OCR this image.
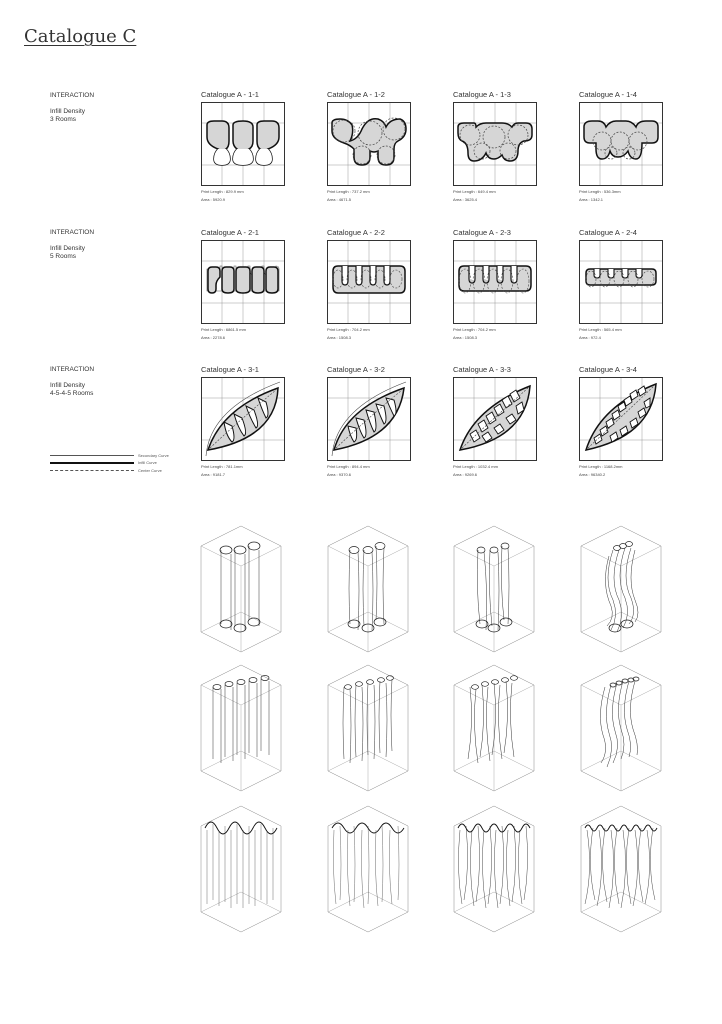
Catalogue C
INTERACTION
Infill Density
3 Rooms
INTERACTION
Infill Density
5 Rooms
INTERACTION
Infill Density
4-5-4-5 Rooms
Catalogue A - 1-1
Print Length : 829.9 mm
Area : 5920.9
Catalogue A - 1-2
Print Length : 737.2 mm
Area : 4671.5
Catalogue A - 1-3
Print Length : 649.4 mm
Area : 3625.4
Catalogue A - 1-4
Print Length : 536.3mm
Area : 1342.1
Catalogue A - 2-1
Print Length : 6861.5 mm
Area : 2278.6
Catalogue A - 2-2
Print Length : 704.2 mm
Area : 1508.3
Catalogue A - 2-3
Print Length : 704.2 mm
Area : 1508.3
Catalogue A - 2-4
Print Length : 565.4 mm
Area : 972.4
Catalogue A - 3-1
Print Length : 781.1mm
Area : 9181.7
Catalogue A - 3-2
Print Length : 894.4 mm
Area : 9370.6
Catalogue A - 3-3
Print Length : 1032.4 mm
Area : 9269.6
Catalogue A - 3-4
Print Length : 1168.2mm
Area : 96340.2
Secondary Curve
Infill Curve
Center Curve
